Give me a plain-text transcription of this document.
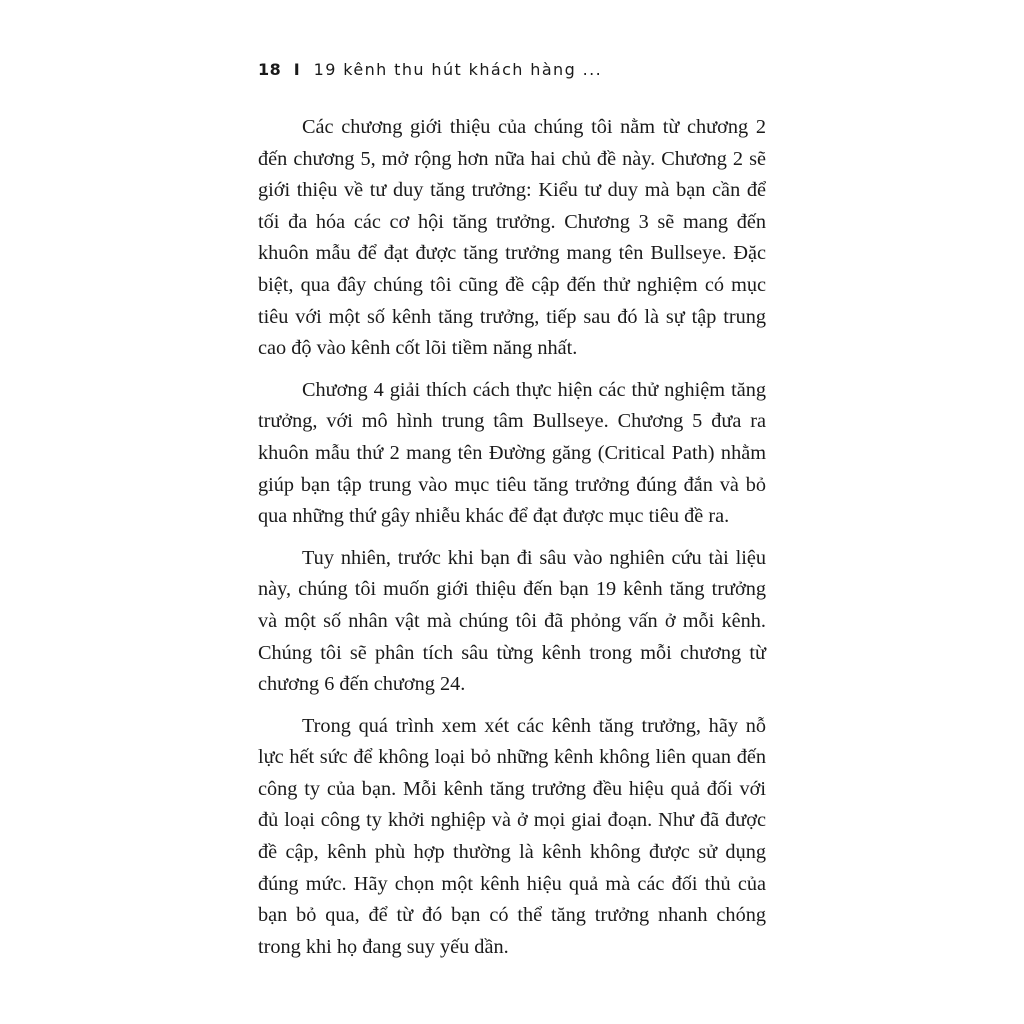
18 I 19 kênh thu hút khách hàng ...

Các chương giới thiệu của chúng tôi nằm từ chương 2 đến chương 5, mở rộng hơn nữa hai chủ đề này. Chương 2 sẽ giới thiệu về tư duy tăng trưởng: Kiểu tư duy mà bạn cần để tối đa hóa các cơ hội tăng trưởng. Chương 3 sẽ mang đến khuôn mẫu để đạt được tăng trưởng mang tên Bullseye. Đặc biệt, qua đây chúng tôi cũng đề cập đến thử nghiệm có mục tiêu với một số kênh tăng trưởng, tiếp sau đó là sự tập trung cao độ vào kênh cốt lõi tiềm năng nhất.

Chương 4 giải thích cách thực hiện các thử nghiệm tăng trưởng, với mô hình trung tâm Bullseye. Chương 5 đưa ra khuôn mẫu thứ 2 mang tên Đường găng (Critical Path) nhằm giúp bạn tập trung vào mục tiêu tăng trưởng đúng đắn và bỏ qua những thứ gây nhiễu khác để đạt được mục tiêu đề ra.

Tuy nhiên, trước khi bạn đi sâu vào nghiên cứu tài liệu này, chúng tôi muốn giới thiệu đến bạn 19 kênh tăng trưởng và một số nhân vật mà chúng tôi đã phỏng vấn ở mỗi kênh. Chúng tôi sẽ phân tích sâu từng kênh trong mỗi chương từ chương 6 đến chương 24.

Trong quá trình xem xét các kênh tăng trưởng, hãy nỗ lực hết sức để không loại bỏ những kênh không liên quan đến công ty của bạn. Mỗi kênh tăng trưởng đều hiệu quả đối với đủ loại công ty khởi nghiệp và ở mọi giai đoạn. Như đã được đề cập, kênh phù hợp thường là kênh không được sử dụng đúng mức. Hãy chọn một kênh hiệu quả mà các đối thủ của bạn bỏ qua, để từ đó bạn có thể tăng trưởng nhanh chóng trong khi họ đang suy yếu dần.
